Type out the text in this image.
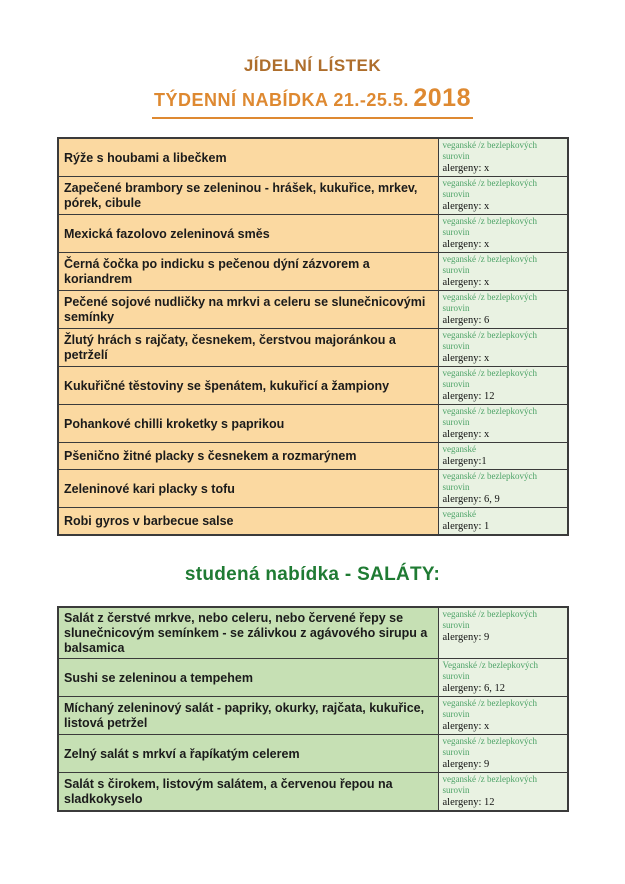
JÍDELNÍ LÍSTEK
TÝDENNÍ NABÍDKA 21.-25.5. 2018
Rýže s houbami a libečkem	veganské /z bezlepkových surovin
alergeny: x

Zapečené brambory se zeleninou - hrášek, kukuřice, mrkev, pórek, cibule	veganské /z bezlepkových surovin
alergeny: x

Mexická fazolovo zeleninová směs	veganské /z bezlepkových surovin
alergeny: x

Černá čočka po indicku s pečenou dýní zázvorem a koriandrem	veganské /z bezlepkových surovin
alergeny: x

Pečené sojové nudličky na mrkvi a celeru se slunečnicovými semínky	veganské /z bezlepkových surovin
alergeny: 6

Žlutý hrách s rajčaty, česnekem, čerstvou majoránkou a petrželí	veganské /z bezlepkových surovin
alergeny: x

Kukuřičné těstoviny se špenátem, kukuřicí a žampiony	veganské /z bezlepkových surovin
alergeny: 12

Pohankové chilli kroketky s paprikou	veganské /z bezlepkových surovin
alergeny: x

Pšenično žitné placky s česnekem a rozmarýnem	veganské
alergeny:1

Zeleninové kari placky s tofu	veganské /z bezlepkových surovin
alergeny: 6, 9

Robi gyros v barbecue salse	veganské
alergeny: 1
studená nabídka - SALÁTY:
Salát z čerstvé mrkve, nebo celeru, nebo červené řepy se slunečnicovým semínkem - se zálivkou z agávového sirupu a balsamica	veganské /z bezlepkových surovin
alergeny: 9

Sushi se zeleninou a tempehem	Veganské /z bezlepkových surovin
alergeny: 6, 12

Míchaný zeleninový salát - papriky, okurky, rajčata, kukuřice, listová petržel	veganské /z bezlepkových surovin
alergeny: x

Zelný salát s mrkví a řapíkatým celerem	veganské /z bezlepkových surovin
alergeny: 9

Salát s čirokem, listovým salátem, a červenou řepou na sladkokyselo	veganské /z bezlepkových surovin
alergeny: 12
